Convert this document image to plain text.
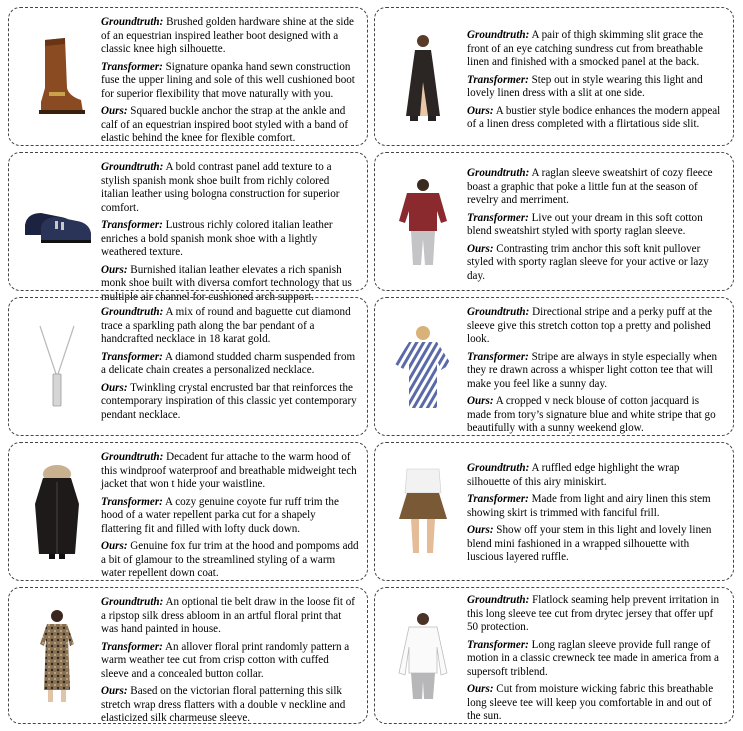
Groundtruth: Brushed golden hardware shine at the side of an equestrian inspired leather boot designed with a classic knee high silhouette.

Transformer: Signature opanka hand sewn construction fuse the upper lining and sole of this well cushioned boot for superior flexibility that move naturally with you.

Ours: Squared buckle anchor the strap at the ankle and calf of an equestrian inspired boot styled with a band of elastic behind the knee for flexible comfort.

Groundtruth: A pair of thigh skimming slit grace the front of an eye catching sundress cut from breathable linen and finished with a smocked panel at the back.

Transformer: Step out in style wearing this light and lovely linen dress with a slit at one side.

Ours: A bustier style bodice enhances the modern appeal of a linen dress completed with a flirtatious side slit.

Groundtruth: A bold contrast panel add texture to a stylish spanish monk shoe built from richly colored italian leather using bologna construction for superior comfort.

Transformer: Lustrous richly colored italian leather enriches a bold spanish monk shoe with a lightly weathered texture.

Ours: Burnished italian leather elevates a rich spanish monk shoe built with diversa comfort technology that us multiple air channel for cushioned arch support.

Groundtruth: A raglan sleeve sweatshirt of cozy fleece boast a graphic that poke a little fun at the season of revelry and merriment.

Transformer: Live out your dream in this soft cotton blend sweatshirt styled with sporty raglan sleeve.

Ours: Contrasting trim anchor this soft knit pullover styled with sporty raglan sleeve for your active or lazy day.

Groundtruth: A mix of round and baguette cut diamond trace a sparkling path along the bar pendant of a handcrafted necklace in 18 karat gold.

Transformer: A diamond studded charm suspended from a delicate chain creates a personalized necklace.

Ours: Twinkling crystal encrusted bar that reinforces the contemporary inspiration of this classic yet contemporary pendant necklace.

Groundtruth: Directional stripe and a perky puff at the sleeve give this stretch cotton top a pretty and polished look.

Transformer: Stripe are always in style especially when they re drawn across a whisper light cotton tee that will make you feel like a sunny day.

Ours: A cropped v neck blouse of cotton jacquard is made from tory’s signature blue and white stripe that go beautifully with a sunny weekend glow.

Groundtruth: Decadent fur attache to the warm hood of this windproof waterproof and breathable midweight tech jacket that won t hide your waistline.

Transformer: A cozy genuine coyote fur ruff trim the hood of a water repellent parka cut for a shapely flattering fit and filled with lofty duck down.

Ours: Genuine fox fur trim at the hood and pompoms add a bit of glamour to the streamlined styling of a warm water repellent down coat.

Groundtruth: A ruffled edge highlight the wrap silhouette of this airy miniskirt.

Transformer: Made from light and airy linen this stem showing skirt is trimmed with fanciful frill.

Ours: Show off your stem in this light and lovely linen blend mini fashioned in a wrapped silhouette with luscious layered ruffle.

Groundtruth: An optional tie belt draw in the loose fit of a ripstop silk dress abloom in an artful floral print that was hand painted in house.

Transformer: An allover floral print randomly pattern a warm weather tee cut from crisp cotton with cuffed sleeve and a concealed button collar.

Ours: Based on the victorian floral patterning this silk stretch wrap dress flatters with a double v neckline and elasticized silk charmeuse sleeve.

Groundtruth: Flatlock seaming help prevent irritation in this long sleeve tee cut from drytec jersey that offer upf 50 protection.

Transformer: Long raglan sleeve provide full range of motion in a classic crewneck tee made in america from a supersoft triblend.

Ours: Cut from moisture wicking fabric this breathable long sleeve tee will keep you comfortable in and out of the sun.
